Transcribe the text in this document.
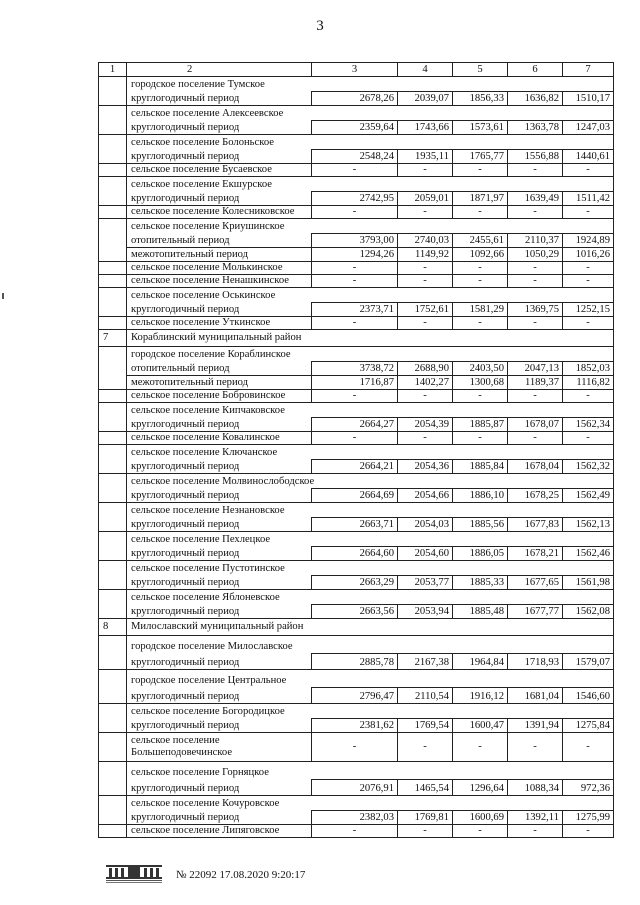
3
1	2	3	4	5	6	7
	городское поселение Тумское					
	круглогодичный период	2678,26	2039,07	1856,33	1636,82	1510,17
	сельское поселение Алексеевское					
	круглогодичный период	2359,64	1743,66	1573,61	1363,78	1247,03
	сельское поселение Болоньское					
	круглогодичный период	2548,24	1935,11	1765,77	1556,88	1440,61
	сельское поселение Бусаевское	-	-	-	-	-
	сельское поселение Екшурское					
	круглогодичный период	2742,95	2059,01	1871,97	1639,49	1511,42
	сельское поселение Колесниковское	-	-	-	-	-
	сельское поселение Криушинское					
	отопительный период	3793,00	2740,03	2455,61	2110,37	1924,89
	межотопительный период	1294,26	1149,92	1092,66	1050,29	1016,26
	сельское поселение Молькинское	-	-	-	-	-
	сельское поселение Ненашкинское	-	-	-	-	-
	сельское поселение Оськинское					
	круглогодичный период	2373,71	1752,61	1581,29	1369,75	1252,15
	сельское поселение Уткинское	-	-	-	-	-
7	Кораблинский муниципальный район					
	городское поселение Кораблинское					
	отопительный период	3738,72	2688,90	2403,50	2047,13	1852,03
	межотопительный период	1716,87	1402,27	1300,68	1189,37	1116,82
	сельское поселение Бобровинское	-	-	-	-	-
	сельское поселение Кипчаковское					
	круглогодичный период	2664,27	2054,39	1885,87	1678,07	1562,34
	сельское поселение Ковалинское	-	-	-	-	-
	сельское поселение Ключанское					
	круглогодичный период	2664,21	2054,36	1885,84	1678,04	1562,32
	сельское поселение Молвинослободское					
	круглогодичный период	2664,69	2054,66	1886,10	1678,25	1562,49
	сельское поселение Незнановское					
	круглогодичный период	2663,71	2054,03	1885,56	1677,83	1562,13
	сельское поселение Пехлецкое					
	круглогодичный период	2664,60	2054,60	1886,05	1678,21	1562,46
	сельское поселение Пустотинское					
	круглогодичный период	2663,29	2053,77	1885,33	1677,65	1561,98
	сельское поселение Яблоневское					
	круглогодичный период	2663,56	2053,94	1885,48	1677,77	1562,08
8	Милославский муниципальный район					
	городское поселение Милославское					
	круглогодичный период	2885,78	2167,38	1964,84	1718,93	1579,07
	городское поселение Центральное					
	круглогодичный период	2796,47	2110,54	1916,12	1681,04	1546,60
	сельское поселение Богородицкое					
	круглогодичный период	2381,62	1769,54	1600,47	1391,94	1275,84

	сельское поселение
Большеподовечинское	-	-	-	-	-
	сельское поселение Горняцкое					
	круглогодичный период	2076,91	1465,54	1296,64	1088,34	972,36
	сельское поселение Кочуровское					
	круглогодичный период	2382,03	1769,81	1600,69	1392,11	1275,99
	сельское поселение Липяговское	-	-	-	-	-
№ 22092 17.08.2020 9:20:17
